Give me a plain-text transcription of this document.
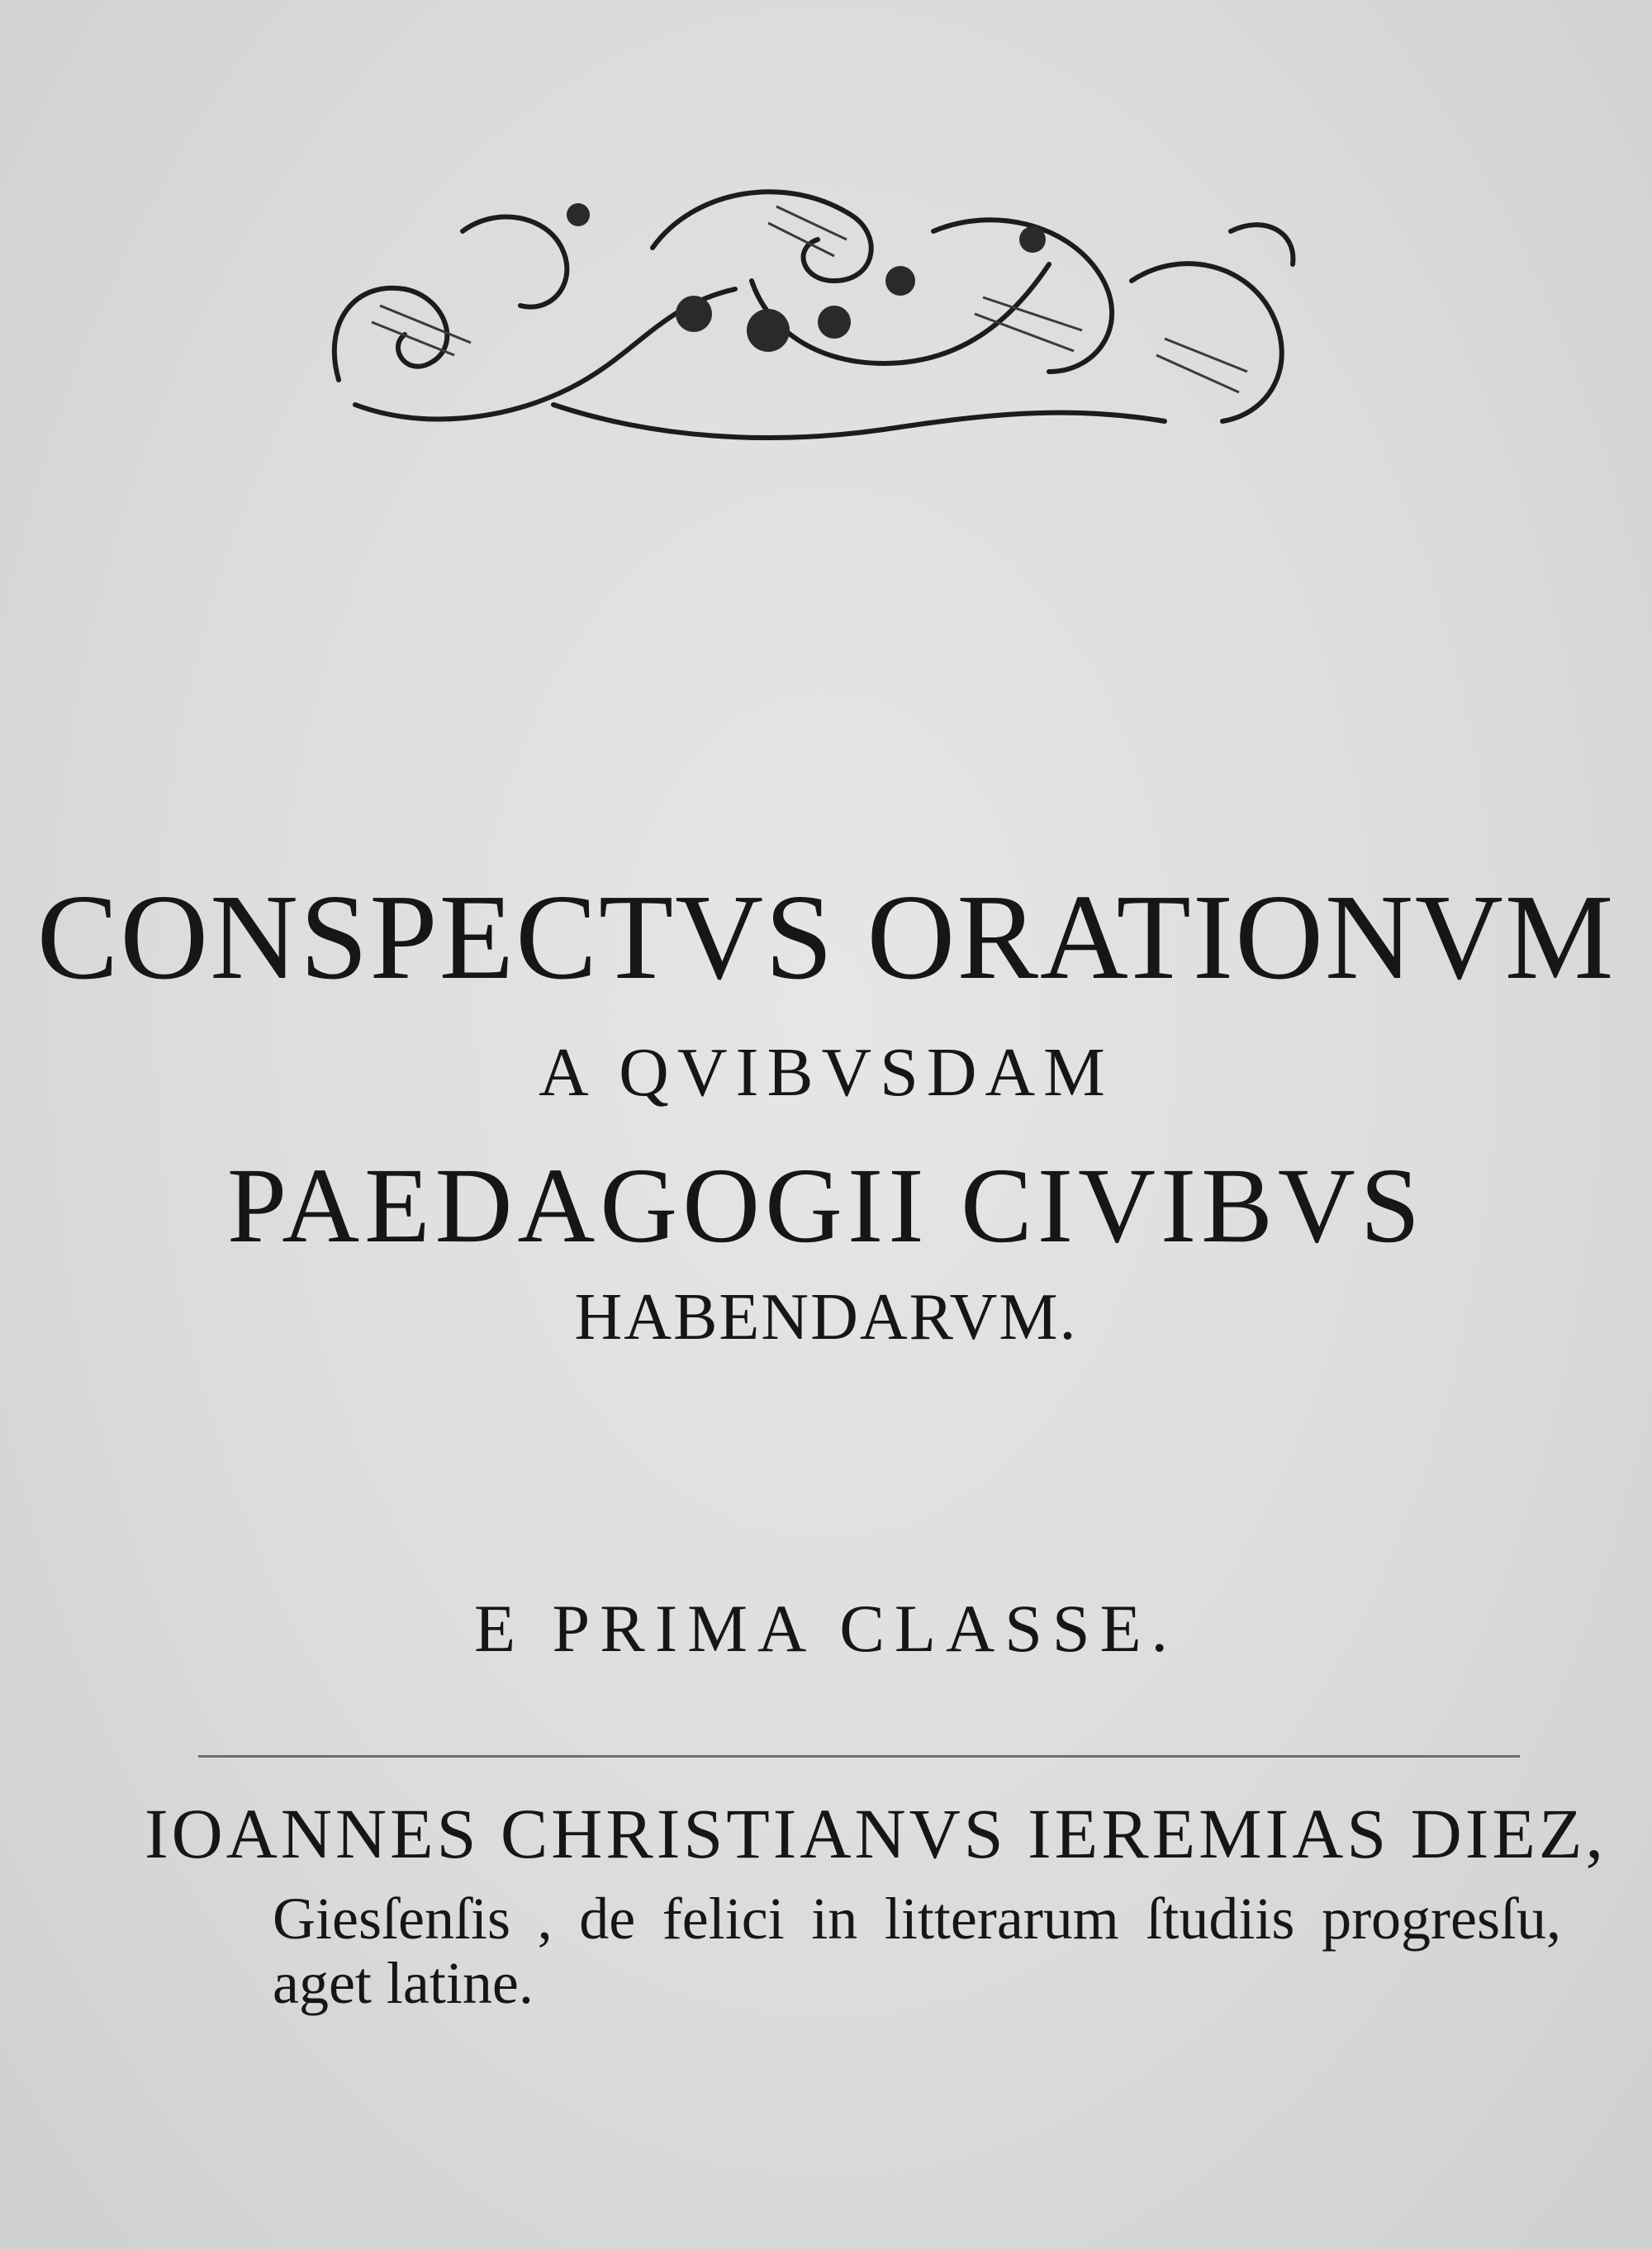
CONSPECTVS ORATIONVM
A QVIBVSDAM
PAEDAGOGII CIVIBVS
HABENDARVM.
E PRIMA CLASSE.
IOANNES CHRISTIANVS IEREMIAS DIEZ,
Giesſenſis , de felici in litterarum ſtudiis progresſu,
aget latine.
